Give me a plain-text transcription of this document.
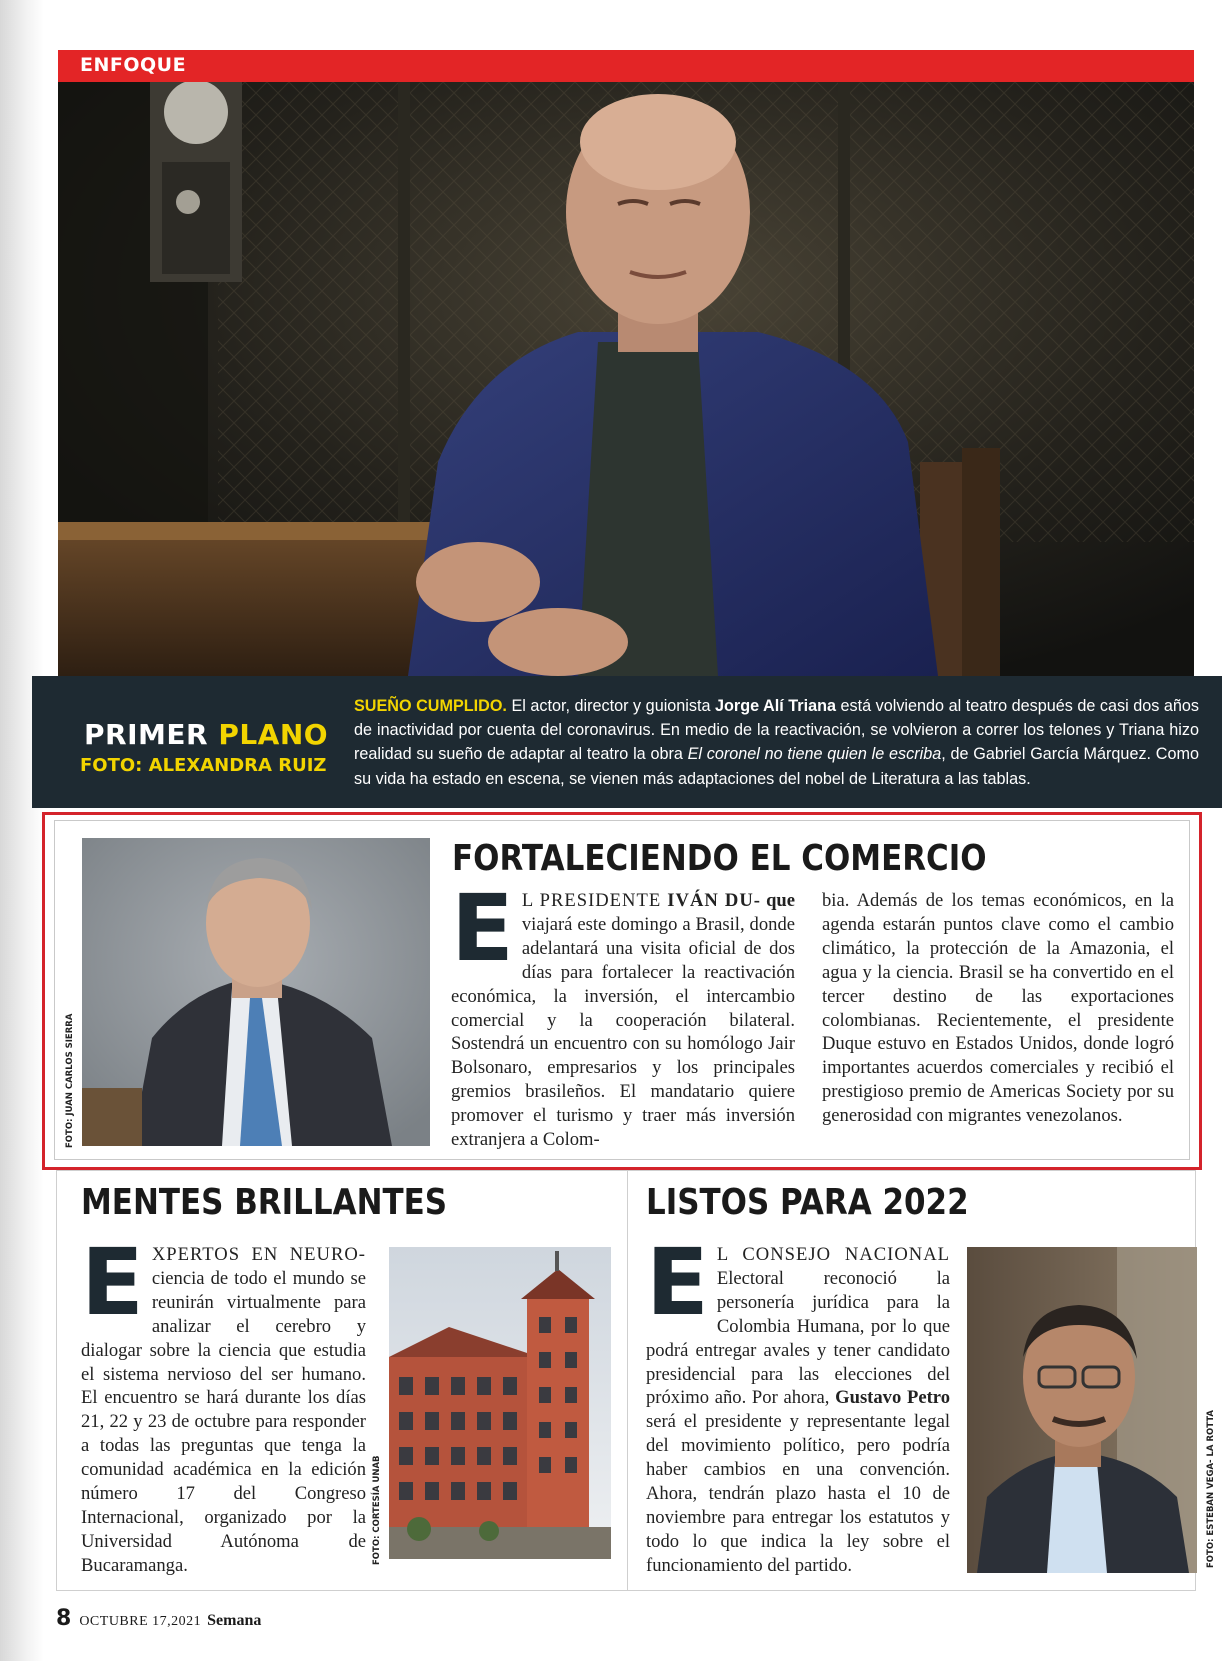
ENFOQUE
PRIMER PLANO
FOTO: ALEXANDRA RUIZ
SUEÑO CUMPLIDO. El actor, director y guionista Jorge Alí Triana está volviendo al teatro después de casi dos años de inactividad por cuenta del coronavirus. En medio de la reactivación, se volvieron a correr los telones y Triana hizo realidad su sueño de adaptar al teatro la obra El coronel no tiene quien le escriba, de Gabriel García Márquez. Como su vida ha estado en escena, se vienen más adaptaciones del nobel de Literatura a las tablas.
FOTO: JUAN CARLOS SIERRA
FORTALECIENDO EL COMERCIO
E L PRESIDENTE IVÁN DU- que viajará este domingo a Brasil, donde adelantará una visita oficial de dos días para fortalecer la reactivación económica, la inversión, el intercambio comercial y la cooperación bilateral. Sostendrá un encuentro con su homólogo Jair Bolsonaro, empresarios y los principales gremios brasileños. El mandatario quiere promover el turismo y traer más inversión extranjera a Colom-
bia. Además de los temas económicos, en la agenda estarán puntos clave como el cambio climático, la protección de la Amazonia, el agua y la ciencia. Brasil se ha convertido en el tercer destino de las exportaciones colombianas. Recientemente, el presidente Duque estuvo en Estados Unidos, donde logró importantes acuerdos comerciales y recibió el prestigioso premio de Americas Society por su generosidad con migrantes venezolanos.
MENTES BRILLANTES
EXPERTOS EN NEURO- ciencia de todo el mundo se reunirán virtualmente para analizar el cerebro y dialogar sobre la ciencia que estudia el sistema nervioso del ser humano. El encuentro se hará durante los días 21, 22 y 23 de octubre para responder a todas las preguntas que tenga la comunidad académica en la edición número 17 del Congreso Internacional, organizado por la Universidad Autónoma de Bucaramanga.
FOTO: CORTESÍA UNAB
LISTOS PARA 2022
E L CONSEJO NACIONAL Electoral reconoció la personería jurídica para la Colombia Humana, por lo que podrá entregar avales y tener candidato presidencial para las elecciones del próximo año. Por ahora, Gustavo Petro será el presidente y representante legal del movimiento político, pero podría haber cambios en una convención. Ahora, tendrán plazo hasta el 10 de noviembre para entregar los estatutos y todo lo que indica la ley sobre el funcionamiento del partido.	FOTO: ESTEBAN VEGA- LA ROTTA
8 OCTUBRE 17,2021 Semana
